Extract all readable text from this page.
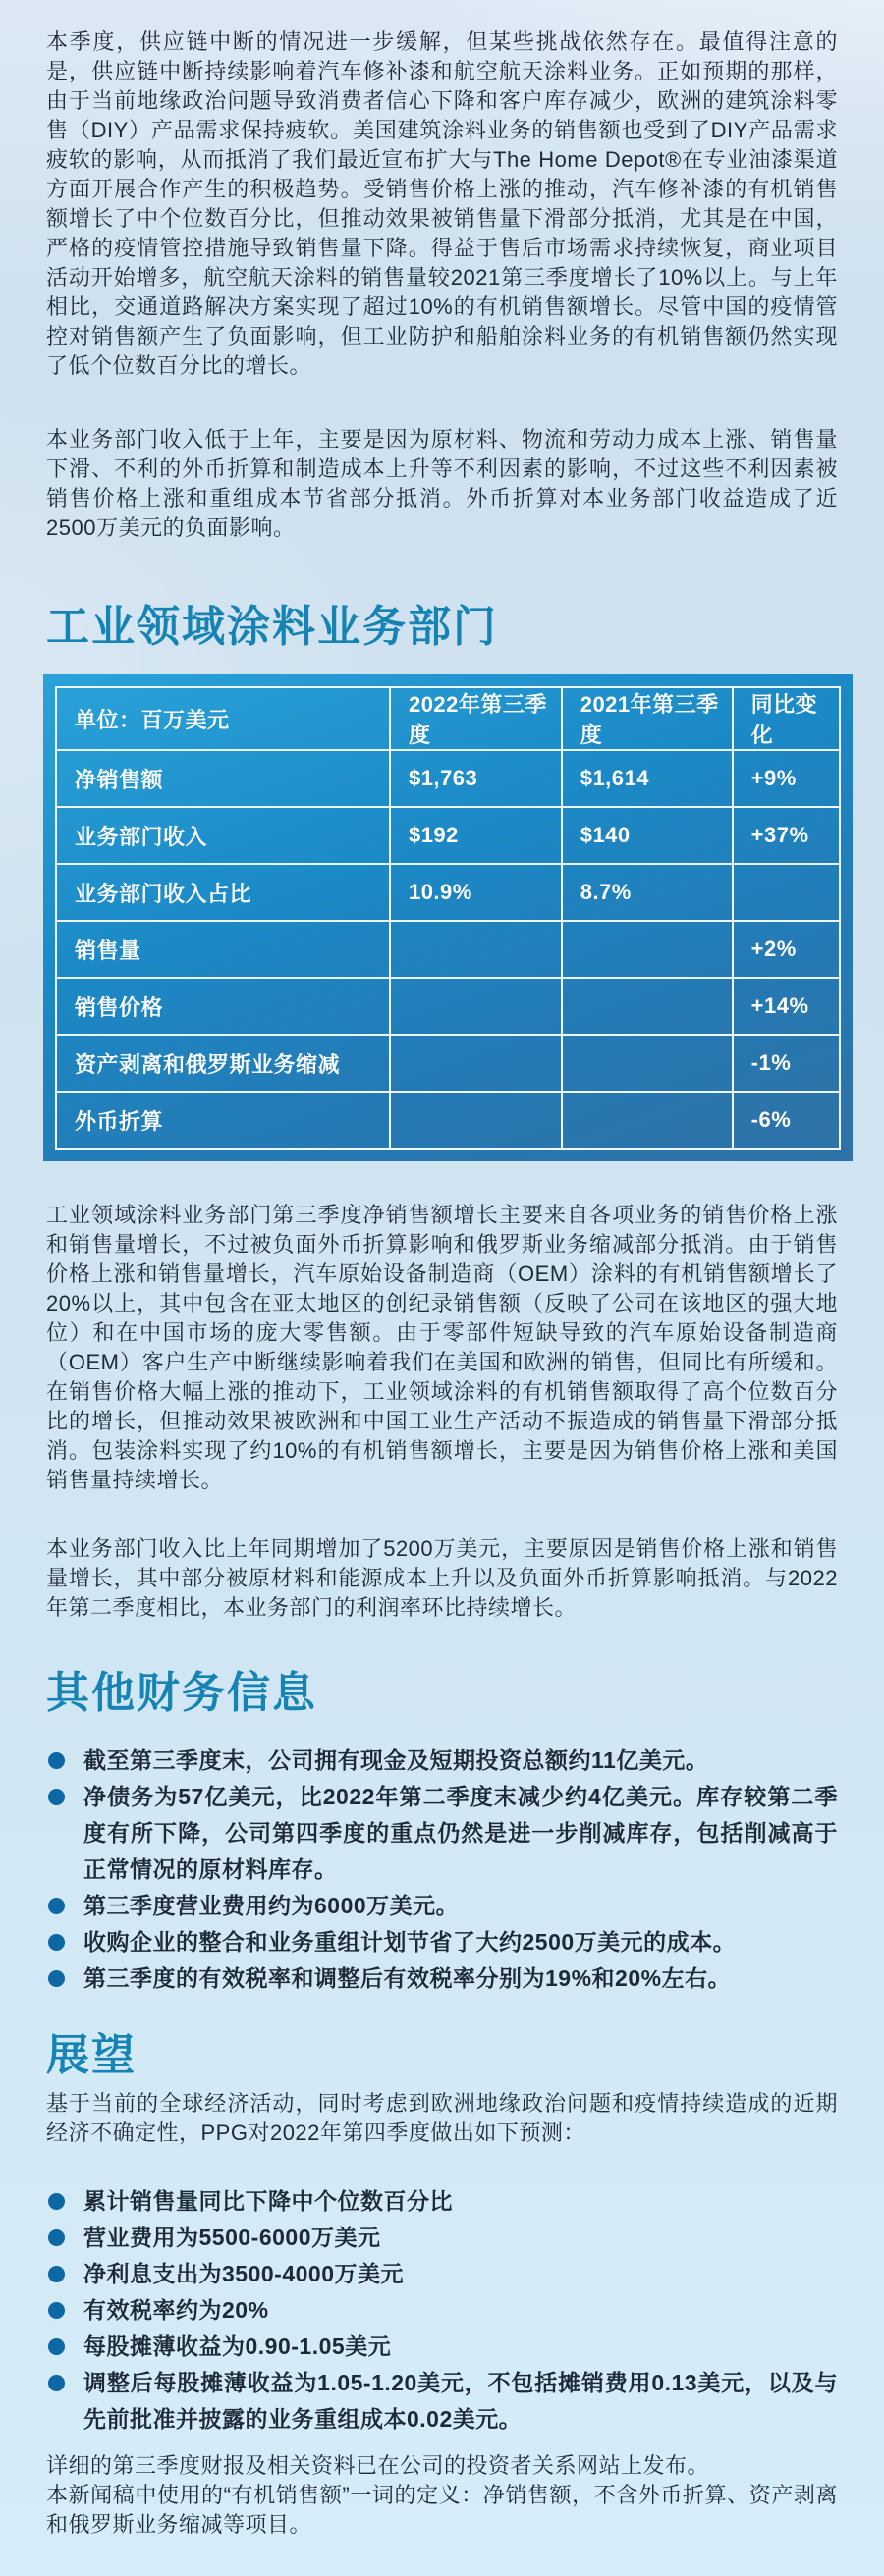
本季度，供应链中断的情况进一步缓解，但某些挑战依然存在。最值得注意的是，供应链中断持续影响着汽车修补漆和航空航天涂料业务。正如预期的那样，由于当前地缘政治问题导致消费者信心下降和客户库存减少，欧洲的建筑涂料零售（DIY）产品需求保持疲软。美国建筑涂料业务的销售额也受到了DIY产品需求疲软的影响，从而抵消了我们最近宣布扩大与The Home Depot®在专业油漆渠道方面开展合作产生的积极趋势。受销售价格上涨的推动，汽车修补漆的有机销售额增长了中个位数百分比，但推动效果被销售量下滑部分抵消，尤其是在中国，严格的疫情管控措施导致销售量下降。得益于售后市场需求持续恢复，商业项目活动开始增多，航空航天涂料的销售量较2021第三季度增长了10%以上。与上年相比，交通道路解决方案实现了超过10%的有机销售额增长。尽管中国的疫情管控对销售额产生了负面影响，但工业防护和船舶涂料业务的有机销售额仍然实现了低个位数百分比的增长。

本业务部门收入低于上年，主要是因为原材料、物流和劳动力成本上涨、销售量下滑、不利的外币折算和制造成本上升等不利因素的影响，不过这些不利因素被销售价格上涨和重组成本节省部分抵消。外币折算对本业务部门收益造成了近2500万美元的负面影响。

工业领域涂料业务部门
单位：百万美元	2022年第三季度	2021年第三季度	同比变化
净销售额	$1,763	$1,614	+9%
业务部门收入	$192	$140	+37%
业务部门收入占比	10.9%	8.7%	
销售量			+2%
销售价格			+14%
资产剥离和俄罗斯业务缩减			-1%
外币折算			-6%

工业领域涂料业务部门第三季度净销售额增长主要来自各项业务的销售价格上涨和销售量增长，不过被负面外币折算影响和俄罗斯业务缩减部分抵消。由于销售价格上涨和销售量增长，汽车原始设备制造商（OEM）涂料的有机销售额增长了20%以上，其中包含在亚太地区的创纪录销售额（反映了公司在该地区的强大地位）和在中国市场的庞大零售额。由于零部件短缺导致的汽车原始设备制造商（OEM）客户生产中断继续影响着我们在美国和欧洲的销售，但同比有所缓和。在销售价格大幅上涨的推动下，工业领域涂料的有机销售额取得了高个位数百分比的增长，但推动效果被欧洲和中国工业生产活动不振造成的销售量下滑部分抵消。包装涂料实现了约10%的有机销售额增长，主要是因为销售价格上涨和美国销售量持续增长。

本业务部门收入比上年同期增加了5200万美元，主要原因是销售价格上涨和销售量增长，其中部分被原材料和能源成本上升以及负面外币折算影响抵消。与2022年第二季度相比，本业务部门的利润率环比持续增长。

其他财务信息
截至第三季度末，公司拥有现金及短期投资总额约11亿美元。
净债务为57亿美元，比2022年第二季度末减少约4亿美元。库存较第二季度有所下降，公司第四季度的重点仍然是进一步削减库存，包括削减高于正常情况的原材料库存。
第三季度营业费用约为6000万美元。
收购企业的整合和业务重组计划节省了大约2500万美元的成本。
第三季度的有效税率和调整后有效税率分别为19%和20%左右。
展望

基于当前的全球经济活动，同时考虑到欧洲地缘政治问题和疫情持续造成的近期经济不确定性，PPG对2022年第四季度做出如下预测：

累计销售量同比下降中个位数百分比
营业费用为5500-6000万美元
净利息支出为3500-4000万美元
有效税率约为20%
每股摊薄收益为0.90-1.05美元
调整后每股摊薄收益为1.05-1.20美元，不包括摊销费用0.13美元，以及与先前批准并披露的业务重组成本0.02美元。

详细的第三季度财报及相关资料已在公司的投资者关系网站上发布。

本新闻稿中使用的“有机销售额”一词的定义：净销售额，不含外币折算、资产剥离和俄罗斯业务缩减等项目。
